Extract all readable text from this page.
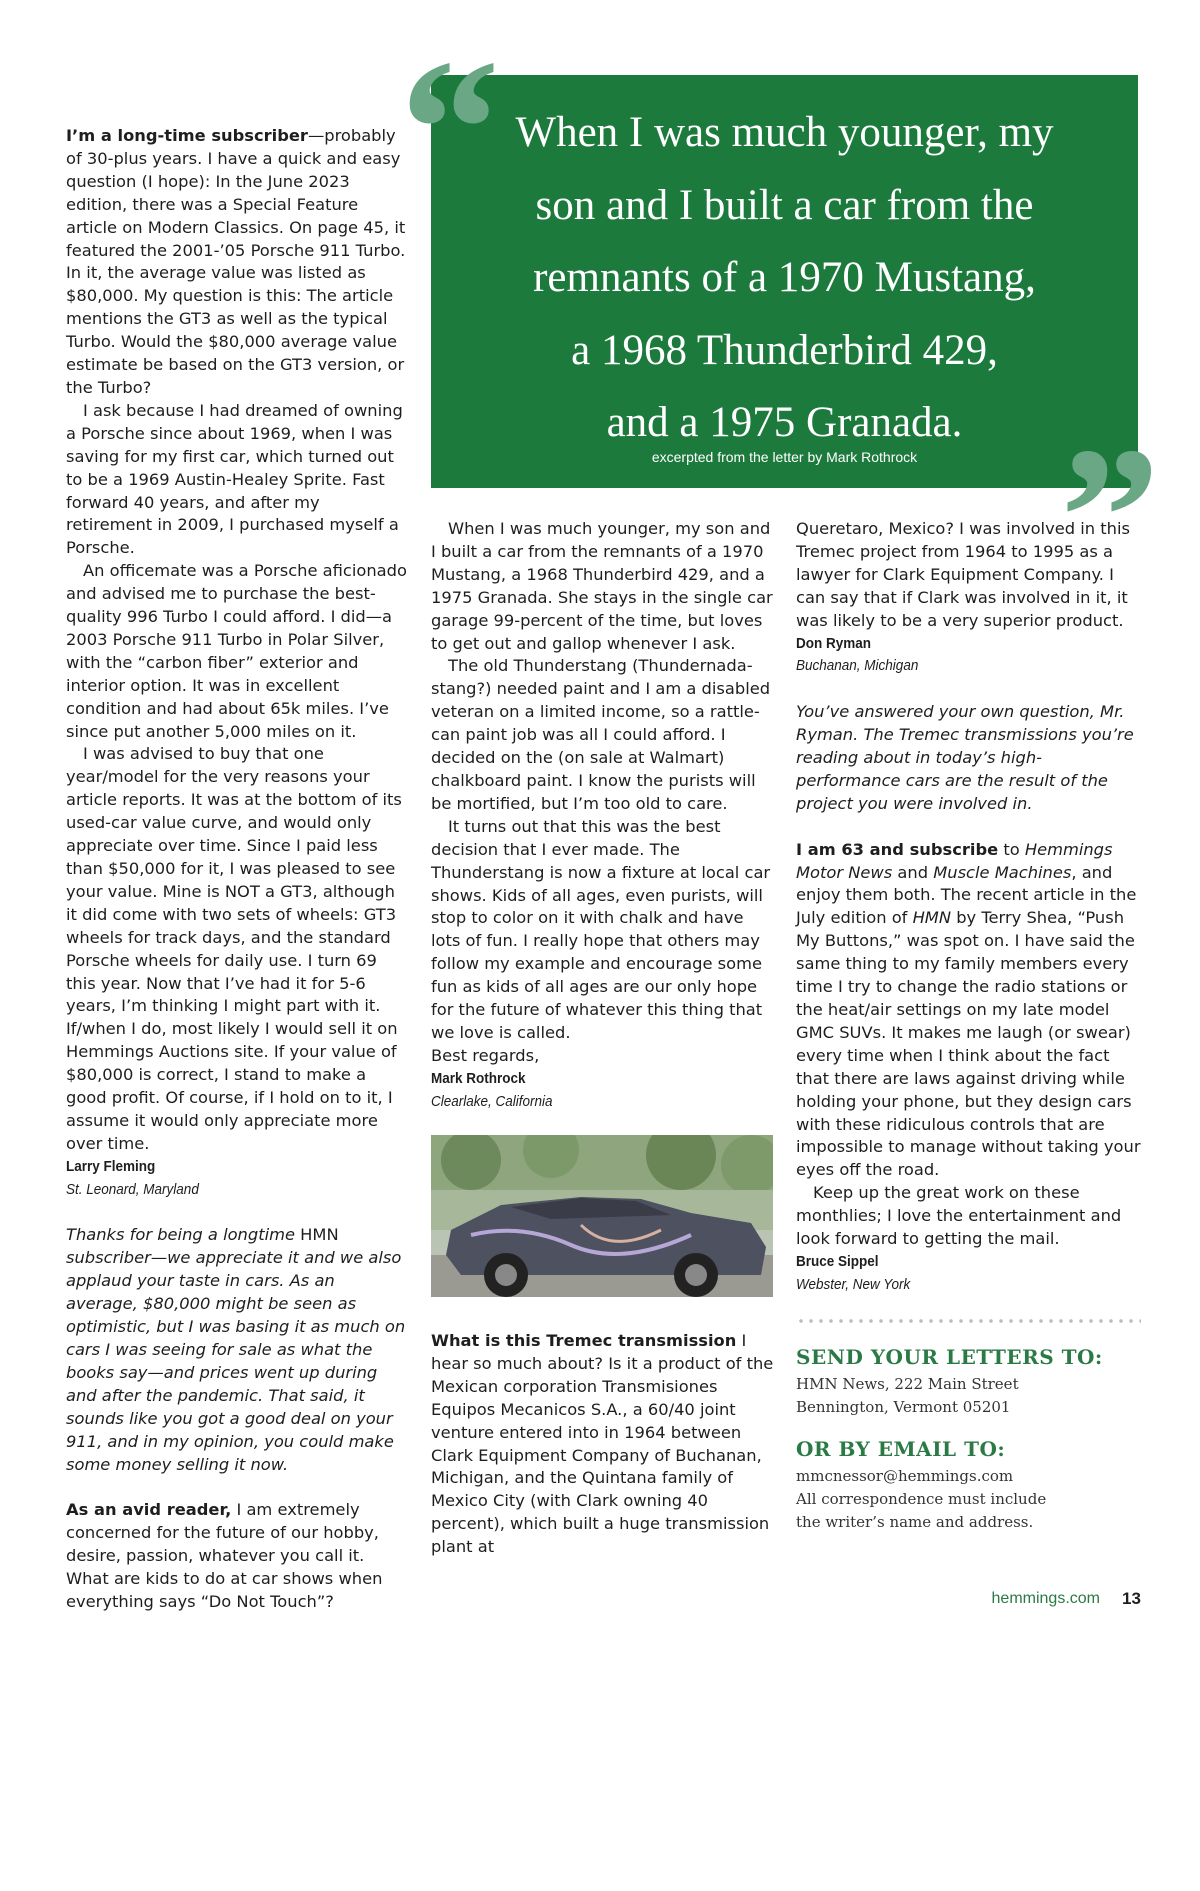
When I was much younger, my
son and I built a car from the
remnants of a 1970 Mustang,
a 1968 Thunderbird 429,
and a 1975 Granada.
excerpted from the letter by Mark Rothrock
“
”

I’m a long-time subscriber—probably of 30-plus years. I have a quick and easy question (I hope): In the June 2023 edition, there was a Special Feature article on Modern Classics. On page 45, it featured the 2001-’05 Porsche 911 Turbo. In it, the average value was listed as $80,000. My question is this: The article mentions the GT3 as well as the typical Turbo. Would the $80,000 average value estimate be based on the GT3 version, or the Turbo?

I ask because I had dreamed of owning a Porsche since about 1969, when I was saving for my first car, which turned out to be a 1969 Austin-Healey Sprite. Fast forward 40 years, and after my retirement in 2009, I purchased myself a Porsche.

An officemate was a Porsche aficionado and advised me to purchase the best-quality 996 Turbo I could afford. I did—a 2003 Porsche 911 Turbo in Polar Silver, with the “carbon fiber” exterior and interior option. It was in excellent condition and had about 65k miles. I’ve since put another 5,000 miles on it.

I was advised to buy that one year/model for the very reasons your article reports. It was at the bottom of its used-car value curve, and would only appreciate over time. Since I paid less than $50,000 for it, I was pleased to see your value. Mine is NOT a GT3, although it did come with two sets of wheels: GT3 wheels for track days, and the standard Porsche wheels for daily use. I turn 69 this year. Now that I’ve had it for 5-6 years, I’m thinking I might part with it. If/when I do, most likely I would sell it on Hemmings Auctions site. If your value of $80,000 is correct, I stand to make a good profit. Of course, if I hold on to it, I assume it would only appreciate more over time.

Larry Fleming

St. Leonard, Maryland

Thanks for being a longtime HMN subscriber—we appreciate it and we also applaud your taste in cars. As an average, $80,000 might be seen as optimistic, but I was basing it as much on cars I was seeing for sale as what the books say—and prices went up during and after the pandemic. That said, it sounds like you got a good deal on your 911, and in my opinion, you could make some money selling it now.

As an avid reader, I am extremely concerned for the future of our hobby, desire, passion, whatever you call it. What are kids to do at car shows when everything says “Do Not Touch”?

When I was much younger, my son and I built a car from the remnants of a 1970 Mustang, a 1968 Thunderbird 429, and a 1975 Granada. She stays in the single car garage 99-percent of the time, but loves to get out and gallop whenever I ask.

The old Thunderstang (Thundernada-stang?) needed paint and I am a disabled veteran on a limited income, so a rattle-can paint job was all I could afford. I decided on the (on sale at Walmart) chalkboard paint. I know the purists will be mortified, but I’m too old to care.

It turns out that this was the best decision that I ever made. The Thunderstang is now a fixture at local car shows. Kids of all ages, even purists, will stop to color on it with chalk and have lots of fun. I really hope that others may follow my example and encourage some fun as kids of all ages are our only hope for the future of whatever this thing that we love is called.

Best regards,

Mark Rothrock

Clearlake, California

Queretaro, Mexico? I was involved in this Tremec project from 1964 to 1995 as a lawyer for Clark Equipment Company. I can say that if Clark was involved in it, it was likely to be a very superior product.

Don Ryman

Buchanan, Michigan

You’ve answered your own question, Mr. Ryman. The Tremec transmissions you’re reading about in today’s high-performance cars are the result of the project you were involved in.

I am 63 and subscribe to Hemmings Motor News and Muscle Machines, and enjoy them both. The recent article in the July edition of HMN by Terry Shea, “Push My Buttons,” was spot on. I have said the same thing to my family members every time I try to change the radio stations or the heat/air settings on my late model GMC SUVs. It makes me laugh (or swear) every time when I think about the fact that there are laws against driving while holding your phone, but they design cars with these ridiculous controls that are impossible to manage without taking your eyes off the road.

Keep up the great work on these monthlies; I love the entertainment and look forward to getting the mail.

Bruce Sippel

Webster, New York

What is this Tremec transmission I hear so much about? Is it a product of the Mexican corporation Transmisiones Equipos Mecanicos S.A., a 60/40 joint venture entered into in 1964 between Clark Equipment Company of Buchanan, Michigan, and the Quintana family of Mexico City (with Clark owning 40 percent), which built a huge transmission plant at

SEND YOUR LETTERS TO:
HMN News, 222 Main Street
Bennington, Vermont 05201
OR BY EMAIL TO:
mmcnessor@hemmings.com
All correspondence must include
the writer’s name and address.
hemmings.com 13
